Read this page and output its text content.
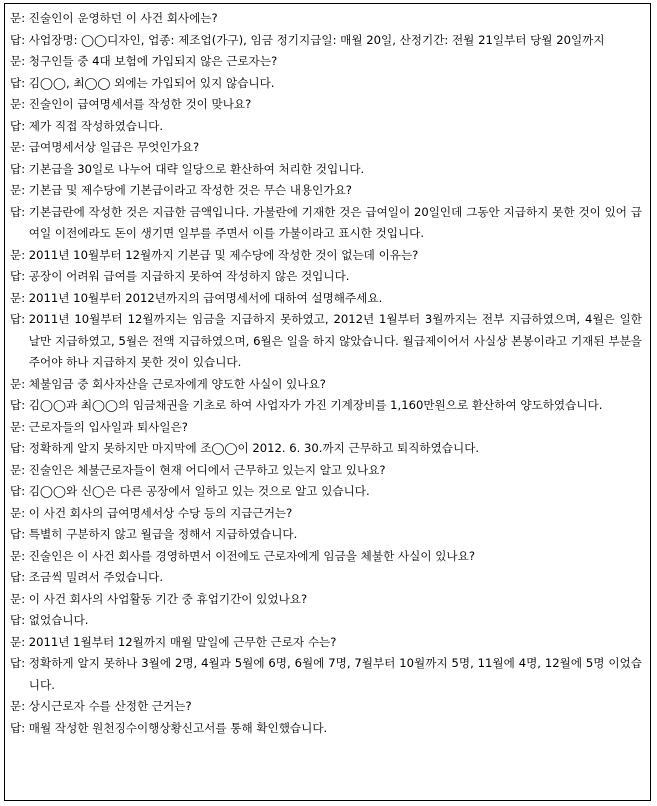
문: 진술인이 운영하던 이 사건 회사에는?
답: 사업장명: ◯◯디자인, 업종: 제조업(가구), 임금 정기지급일: 매월 20일, 산정기간: 전월 21일부터 당월 20일까지
문: 청구인들 중 4대 보험에 가입되지 않은 근로자는?
답: 김◯◯, 최◯◯ 외에는 가입되어 있지 않습니다.
문: 진술인이 급여명세서를 작성한 것이 맞나요?
답: 제가 직접 작성하였습니다.
문: 급여명세서상 일급은 무엇인가요?
답: 기본급을 30일로 나누어 대략 일당으로 환산하여 처리한 것입니다.
문: 기본급 및 제수당에 기본급이라고 작성한 것은 무슨 내용인가요?
답: 기본급란에 작성한 것은 지급한 금액입니다. 가불란에 기재한 것은 급여일이 20일인데 그동안 지급하지 못한 것이 있어 급여일 이전에라도 돈이 생기면 일부를 주면서 이를 가불이라고 표시한 것입니다.
문: 2011년 10월부터 12월까지 기본급 및 제수당에 작성한 것이 없는데 이유는?
답: 공장이 어려워 급여를 지급하지 못하여 작성하지 않은 것입니다.
문: 2011년 10월부터 2012년까지의 급여명세서에 대하여 설명해주세요.
답: 2011년 10월부터 12월까지는 임금을 지급하지 못하였고, 2012년 1월부터 3월까지는 전부 지급하였으며, 4월은 일한 날만 지급하였고, 5월은 전액 지급하였으며, 6월은 일을 하지 않았습니다. 월급제이어서 사실상 본봉이라고 기재된 부분을 주어야 하나 지급하지 못한 것이 있습니다.
문: 체불임금 중 회사자산을 근로자에게 양도한 사실이 있나요?
답: 김◯◯과 최◯◯의 임금채권을 기초로 하여 사업자가 가진 기계장비를 1,160만원으로 환산하여 양도하였습니다.
문: 근로자들의 입사일과 퇴사일은?
답: 정확하게 알지 못하지만 마지막에 조◯◯이 2012. 6. 30.까지 근무하고 퇴직하였습니다.
문: 진술인은 체불근로자들이 현재 어디에서 근무하고 있는지 알고 있나요?
답: 김◯◯와 신◯은 다른 공장에서 일하고 있는 것으로 알고 있습니다.
문: 이 사건 회사의 급여명세서상 수당 등의 지급근거는?
답: 특별히 구분하지 않고 월급을 정해서 지급하였습니다.
문: 진술인은 이 사건 회사를 경영하면서 이전에도 근로자에게 임금을 체불한 사실이 있나요?
답: 조금씩 밀려서 주었습니다.
문: 이 사건 회사의 사업활동 기간 중 휴업기간이 있었나요?
답: 없었습니다.
문: 2011년 1월부터 12월까지 매월 말일에 근무한 근로자 수는?
답: 정확하게 알지 못하나 3월에 2명, 4월과 5월에 6명, 6월에 7명, 7월부터 10월까지 5명, 11월에 4명, 12월에 5명 이었습니다.
문: 상시근로자 수를 산정한 근거는?
답: 매월 작성한 원천징수이행상황신고서를 통해 확인했습니다.
